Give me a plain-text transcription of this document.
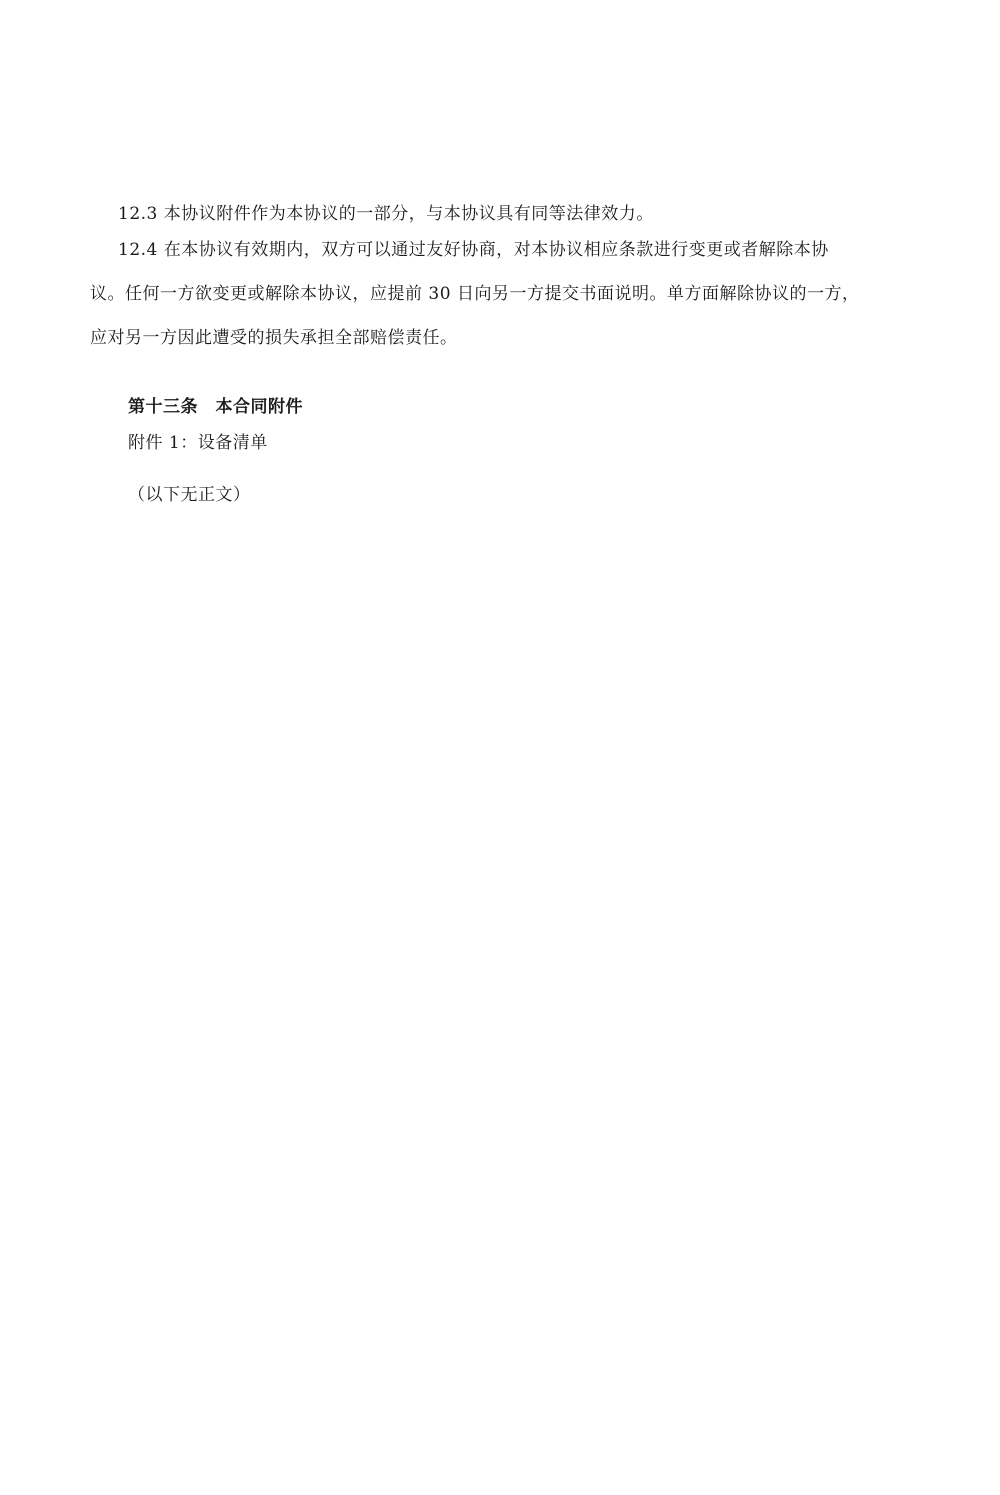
12.3 本协议附件作为本协议的一部分，与本协议具有同等法律效力。
12.4 在本协议有效期内，双方可以通过友好协商，对本协议相应条款进行变更或者解除本协议。任何一方欲变更或解除本协议，应提前 30 日向另一方提交书面说明。单方面解除协议的一方，应对另一方因此遭受的损失承担全部赔偿责任。
第十三条　本合同附件
附件 1：设备清单
（以下无正文）
